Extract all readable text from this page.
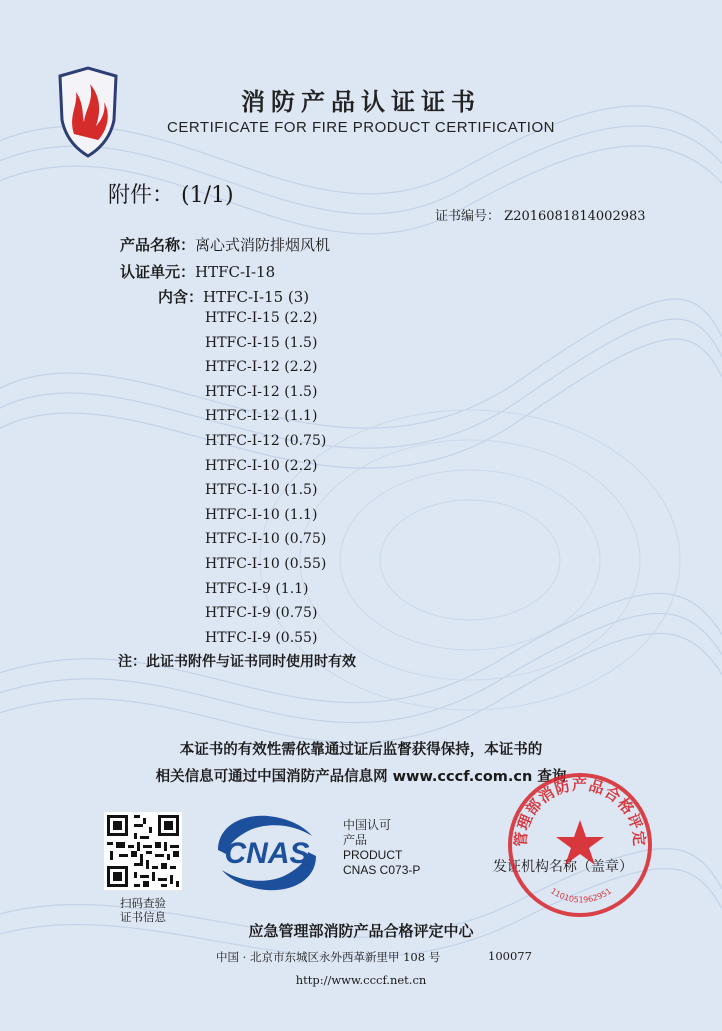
消防产品认证证书
CERTIFICATE FOR FIRE PRODUCT CERTIFICATION
附件： (1/1)
证书编号： Z2016081814002983
产品名称：离心式消防排烟风机
认证单元：HTFC-I-18
内含：HTFC-I-15 (3)
HTFC-I-15 (2.2)
HTFC-I-15 (1.5)
HTFC-I-12 (2.2)
HTFC-I-12 (1.5)
HTFC-I-12 (1.1)
HTFC-I-12 (0.75)
HTFC-I-10 (2.2)
HTFC-I-10 (1.5)
HTFC-I-10 (1.1)
HTFC-I-10 (0.75)
HTFC-I-10 (0.55)
HTFC-I-9 (1.1)
HTFC-I-9 (0.75)
HTFC-I-9 (0.55)
注：此证书附件与证书同时使用时有效
本证书的有效性需依靠通过证后监督获得保持，本证书的
相关信息可通过中国消防产品信息网 www.cccf.com.cn 查询
扫码查验
证书信息
CNAS
中国认可
产品
PRODUCT
CNAS C073-P	发证机构名称（盖章）
管理部消防产品合格评定
1101051962951
应急管理部消防产品合格评定中心
中国 · 北京市东城区永外西革新里甲 108 号	100077
http://www.cccf.net.cn
